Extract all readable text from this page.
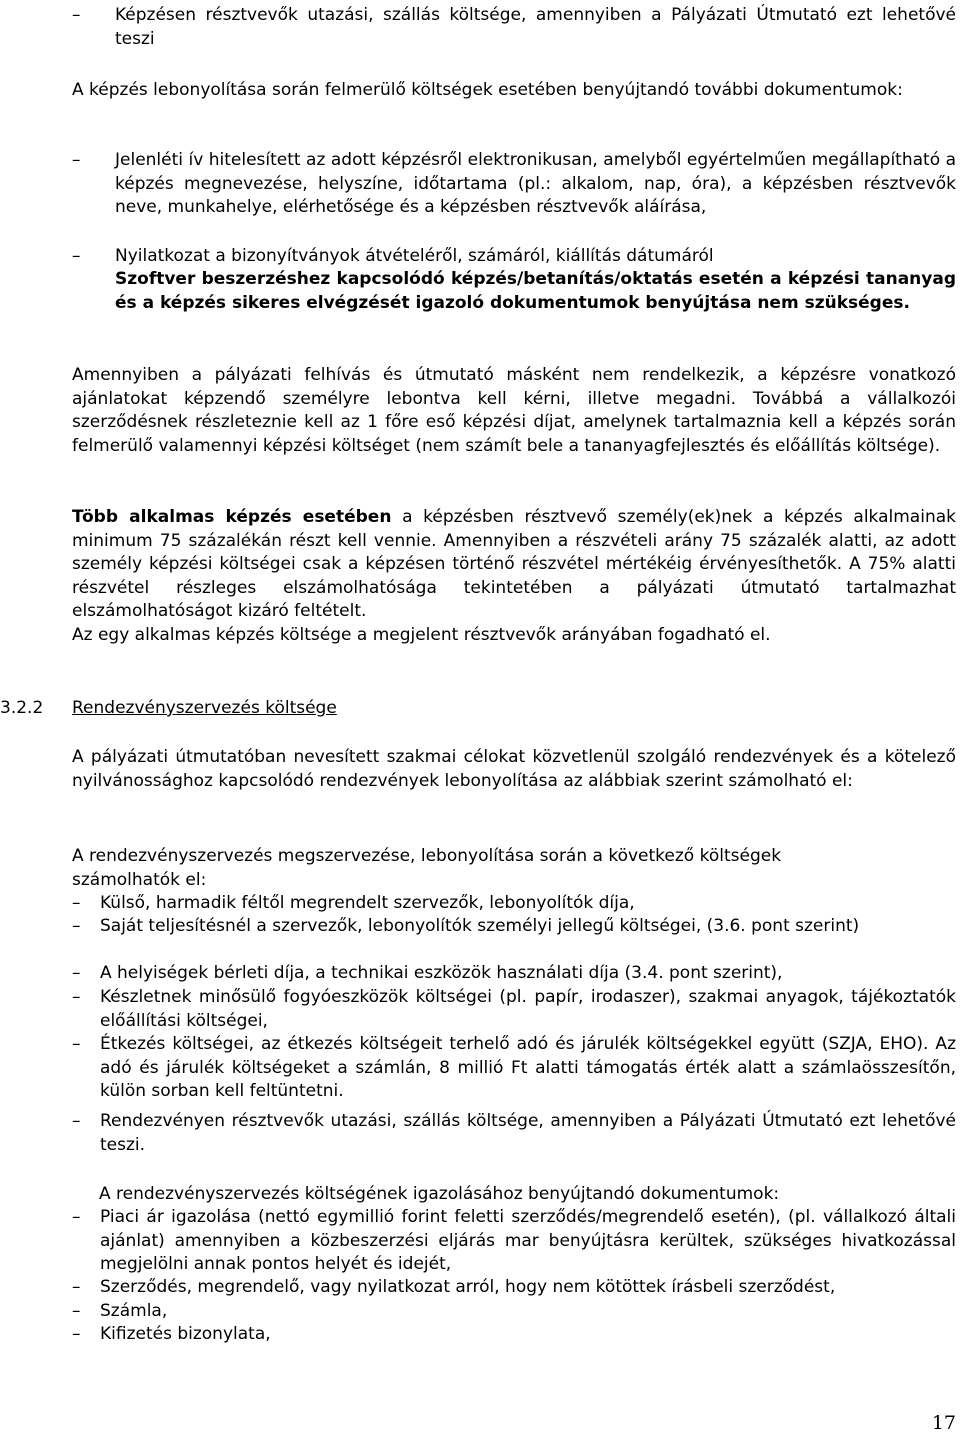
–	Képzésen résztvevők utazási, szállás költsége, amennyiben a Pályázati Útmutató ezt lehetővé teszi

A képzés lebonyolítása során felmerülő költségek esetében benyújtandó további dokumentumok:

–	Jelenléti ív hitelesített az adott képzésről elektronikusan, amelyből egyértelműen megállapítható a képzés megnevezése, helyszíne, időtartama (pl.: alkalom, nap, óra), a képzésben résztvevők neve, munkahelye, elérhetősége és a képzésben résztvevők aláírása,
–	Nyilatkozat a bizonyítványok átvételéről, számáról, kiállítás dátumáról

Szoftver beszerzéshez kapcsolódó képzés/betanítás/oktatás esetén a képzési tananyag és a képzés sikeres elvégzését igazoló dokumentumok benyújtása nem szükséges.

Amennyiben a pályázati felhívás és útmutató másként nem rendelkezik, a képzésre vonatkozó ajánlatokat képzendő személyre lebontva kell kérni, illetve megadni. Továbbá a vállalkozói szerződésnek részleteznie kell az 1 főre eső képzési díjat, amelynek tartalmaznia kell a képzés során felmerülő valamennyi képzési költséget (nem számít bele a tananyagfejlesztés és előállítás költsége).

Több alkalmas képzés esetében a képzésben résztvevő személy(ek)nek a képzés alkalmainak minimum 75 százalékán részt kell vennie. Amennyiben a részvételi arány 75 százalék alatti, az adott személy képzési költségei csak a képzésen történő részvétel mértékéig érvényesíthetők. A 75% alatti részvétel részleges elszámolhatósága tekintetében a pályázati útmutató tartalmazhat elszámolhatóságot kizáró feltételt.

Az egy alkalmas képzés költsége a megjelent résztvevők arányában fogadható el.

3.2.2 Rendezvényszervezés költsége

A pályázati útmutatóban nevesített szakmai célokat közvetlenül szolgáló rendezvények és a kötelező nyilvánossághoz kapcsolódó rendezvények lebonyolítása az alábbiak szerint számolható el:

A rendezvényszervezés megszervezése, lebonyolítása során a következő költségek számolhatók el:

–	Külső, harmadik féltől megrendelt szervezők, lebonyolítók díja,
–	Saját teljesítésnél a szervezők, lebonyolítók személyi jellegű költségei, (3.6. pont szerint)
–	A helyiségek bérleti díja, a technikai eszközök használati díja (3.4. pont szerint),
–	Készletnek minősülő fogyóeszközök költségei (pl. papír, irodaszer), szakmai anyagok, tájékoztatók előállítási költségei,
–	Étkezés költségei, az étkezés költségeit terhelő adó és járulék költségekkel együtt (SZJA, EHO). Az adó és járulék költségeket a számlán, 8 millió Ft alatti támogatás érték alatt a számlaösszesítőn, külön sorban kell feltüntetni.
–	Rendezvényen résztvevők utazási, szállás költsége, amennyiben a Pályázati Útmutató ezt lehetővé teszi.

A rendezvényszervezés költségének igazolásához benyújtandó dokumentumok:

–	Piaci ár igazolása (nettó egymillió forint feletti szerződés/megrendelő esetén), (pl. vállalkozó általi ajánlat) amennyiben a közbeszerzési eljárás mar benyújtásra kerültek, szükséges hivatkozással megjelölni annak pontos helyét és idejét,
–	Szerződés, megrendelő, vagy nyilatkozat arról, hogy nem kötöttek írásbeli szerződést,
–	Számla,
–	Kifizetés bizonylata,
17
